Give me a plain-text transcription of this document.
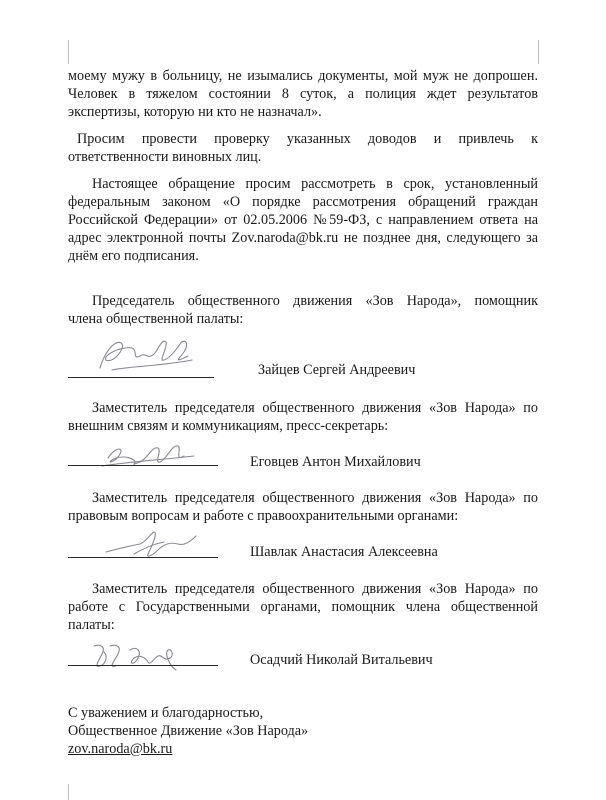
моему мужу в больницу, не изымались документы, мой муж не допрошен.
Человек в тяжелом состоянии 8 суток, а полиция ждет результатов
экспертизы, которую ни кто не назначал».
Просим провести проверку указанных доводов и привлечь к
ответственности виновных лиц.
Настоящее обращение просим рассмотреть в срок, установленный
федеральным законом «О порядке рассмотрения обращений граждан
Российской Федерации» от 02.05.2006 №59-ФЗ, с направлением ответа на
адрес электронной почты Zov.naroda@bk.ru не позднее дня, следующего за
днём его подписания.
Председатель общественного движения «Зов Народа», помощник
члена общественной палаты:
Зайцев Сергей Андреевич
Заместитель председателя общественного движения «Зов Народа» по
внешним связям и коммуникациям, пресс-секретарь:
Еговцев Антон Михайлович
Заместитель председателя общественного движения «Зов Народа» по
правовым вопросам и работе с правоохранительными органами:
Шавлак Анастасия Алексеевна
Заместитель председателя общественного движения «Зов Народа» по
работе с Государственными органами, помощник члена общественной
палаты:
Осадчий Николай Витальевич
С уважением и благодарностью,
Общественное Движение «Зов Народа»
zov.naroda@bk.ru
